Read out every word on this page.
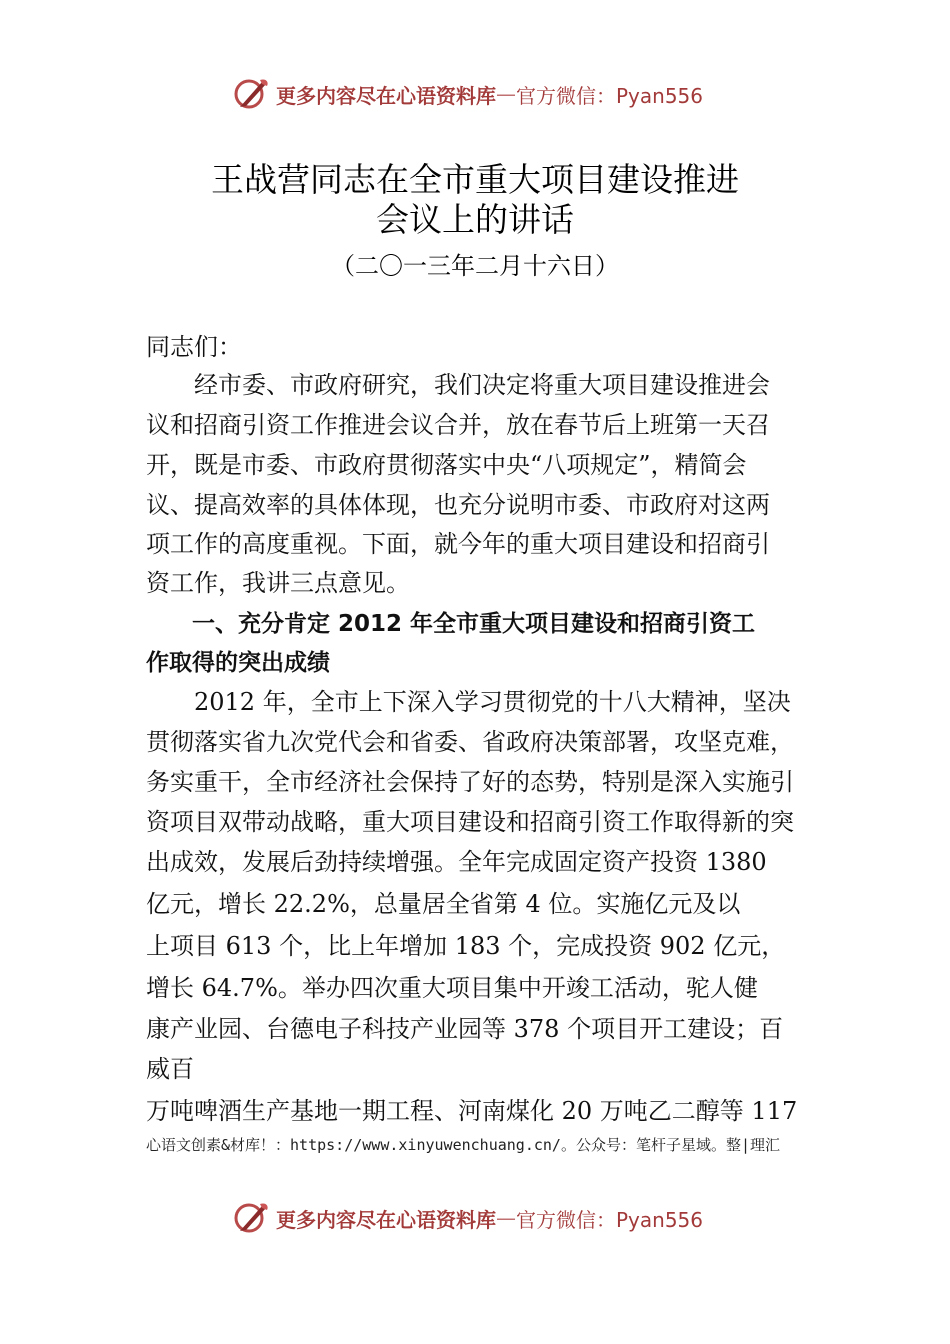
更多内容尽在心语资料库 — 官方微信：Pyan556
王战营同志在全市重大项目建设推进
会议上的讲话
（二〇一三年二月十六日）
同志们：
　　经市委、市政府研究，我们决定将重大项目建设推进会
议和招商引资工作推进会议合并，放在春节后上班第一天召
开，既是市委、市政府贯彻落实中央“八项规定”，精简会
议、提高效率的具体体现，也充分说明市委、市政府对这两
项工作的高度重视。下面，就今年的重大项目建设和招商引
资工作，我讲三点意见。
　　一、充分肯定 2012 年全市重大项目建设和招商引资工
作取得的突出成绩
　　2012 年，全市上下深入学习贯彻党的十八大精神，坚决
贯彻落实省九次党代会和省委、省政府决策部署，攻坚克难，
务实重干，全市经济社会保持了好的态势，特别是深入实施引
资项目双带动战略，重大项目建设和招商引资工作取得新的突
出成效，发展后劲持续增强。全年完成固定资产投资 1380
亿元，增长 22.2%，总量居全省第 4 位。实施亿元及以
上项目 613 个，比上年增加 183 个，完成投资 902 亿元，
增长 64.7%。举办四次重大项目集中开竣工活动，驼人健
康产业园、台德电子科技产业园等 378 个项目开工建设；百
威百
万吨啤酒生产基地一期工程、河南煤化 20 万吨乙二醇等 117
心语文创素&材库！：https://www.xinyuwenchuang.cn/。公众号：笔杆子星域。整|理汇
更多内容尽在心语资料库 — 官方微信：Pyan556
